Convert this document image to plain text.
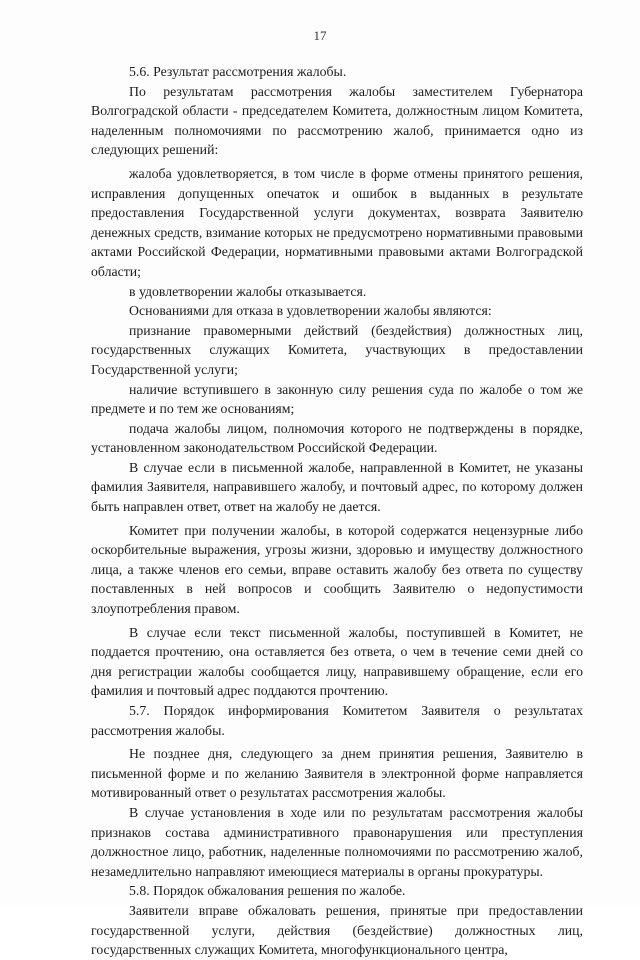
17

5.6. Результат рассмотрения жалобы.

По результатам рассмотрения жалобы заместителем Губернатора Волгоградской области - председателем Комитета, должностным лицом Комитета, наделенным полномочиями по рассмотрению жалоб, принимается одно из следующих решений:

жалоба удовлетворяется, в том числе в форме отмены принятого решения, исправления допущенных опечаток и ошибок в выданных в результате предоставления Государственной услуги документах, возврата Заявителю денежных средств, взимание которых не предусмотрено нормативными правовыми актами Российской Федерации, нормативными правовыми актами Волгоградской области;

в удовлетворении жалобы отказывается.

Основаниями для отказа в удовлетворении жалобы являются:

признание правомерными действий (бездействия) должностных лиц, государственных служащих Комитета, участвующих в предоставлении Государственной услуги;

наличие вступившего в законную силу решения суда по жалобе о том же предмете и по тем же основаниям;

подача жалобы лицом, полномочия которого не подтверждены в порядке, установленном законодательством Российской Федерации.

В случае если в письменной жалобе, направленной в Комитет, не указаны фамилия Заявителя, направившего жалобу, и почтовый адрес, по которому должен быть направлен ответ, ответ на жалобу не дается.

Комитет при получении жалобы, в которой содержатся нецензурные либо оскорбительные выражения, угрозы жизни, здоровью и имуществу должностного лица, а также членов его семьи, вправе оставить жалобу без ответа по существу поставленных в ней вопросов и сообщить Заявителю о недопустимости злоупотребления правом.

В случае если текст письменной жалобы, поступившей в Комитет, не поддается прочтению, она оставляется без ответа, о чем в течение семи дней со дня регистрации жалобы сообщается лицу, направившему обращение, если его фамилия и почтовый адрес поддаются прочтению.

5.7. Порядок информирования Комитетом Заявителя о результатах рассмотрения жалобы.

Не позднее дня, следующего за днем принятия решения, Заявителю в письменной форме и по желанию Заявителя в электронной форме направляется мотивированный ответ о результатах рассмотрения жалобы.

В случае установления в ходе или по результатам рассмотрения жалобы признаков состава административного правонарушения или преступления должностное лицо, работник, наделенные полномочиями по рассмотрению жалоб, незамедлительно направляют имеющиеся материалы в органы прокуратуры.

5.8. Порядок обжалования решения по жалобе.

Заявители вправе обжаловать решения, принятые при предоставлении государственной услуги, действия (бездействие) должностных лиц, государственных служащих Комитета, многофункционального центра,
